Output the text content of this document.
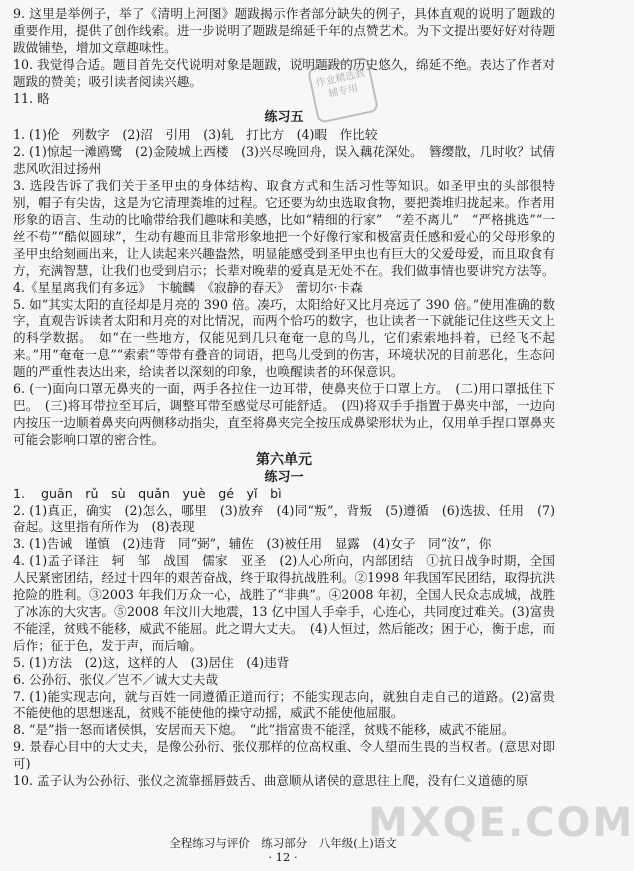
9. 这里是举例子，举了《清明上河图》题跋揭示作者部分缺失的例子，具体直观的说明了题跋的重要作用，提供了创作线索。进一步说明了题跋是绵延千年的点赞艺术。为下文提出要好好对待题跋做铺垫，增加文章趣味性。

10. 我觉得合适。题目首先交代说明对象是题跋，说明题跋的历史悠久，绵延不绝。表达了作者对题跋的赞美；吸引读者阅读兴趣。

11. 略

练习五

1. (1)伦　列数字　(2)沼　引用　(3)轧　打比方　(4)暇　作比较

2. (1)惊起一滩鸥鹭　(2)金陵城上西楼　(3)兴尽晚回舟，误入藕花深处。　簪缨散，几时收？试倩悲风吹泪过扬州

3. 选段告诉了我们关于圣甲虫的身体结构、取食方式和生活习性等知识。如圣甲虫的头部很特别，帽子有尖齿，这是为它清理粪堆的过程。它还要为幼虫选取食物，要把粪堆归拢起来。作者用形象的语言、生动的比喻带给我们趣味和美感，比如“精细的行家”　“差不离儿”　“严格挑选”“一丝不苟”“酷似圆球”，生动有趣而且非常形象地把一个好像行家和极富责任感和爱心的父母形象的圣甲虫给刻画出来，让人读起来兴趣盎然，明显能感受到圣甲虫也有巨大的父爱母爱，而且取食有方，充满智慧，让我们也受到启示；长辈对晚辈的爱真是无处不在。我们做事情也要讲究方法等。

4.《星星离我们有多远》　卞毓麟　《寂静的春天》　蕾切尔·卡森

5. 如“其实太阳的直径却是月亮的 390 倍。凑巧，太阳给好又比月亮远了 390 倍。”使用准确的数字，直观告诉读者太阳和月亮的对比情况，而两个恰巧的数字，也让读者一下就能记住这些天文上的科学数据。　如“在一些地方，仅能见到几只奄奄一息的鸟儿，它们索索地抖着，已经飞不起来。”用“奄奄一息”“索索”等带有叠音的词语，把鸟儿受到的伤害，环境状况的目前恶化，生态问题的严重性表达出来，给读者以深刻的印象，也唤醒读者的环保意识。

6. (一)面向口罩无鼻夹的一面，两手各拉住一边耳带，使鼻夹位于口罩上方。　(二)用口罩抵住下巴。　(三)将耳带拉至耳后，调整耳带至感觉尽可能舒适。　(四)将双手手指置于鼻夹中部，一边向内按压一边顺着鼻夹向两侧移动指尖，直至将鼻夹完全按压成鼻梁形状为止，仅用单手捏口罩鼻夹可能会影响口罩的密合性。

第六单元
练习一

1. guān　rǔ　sù　quǎn　yuè　gé　yǐ　bì

2. (1)真正，确实　(2)怎么，哪里　(3)放弃　(4)同“叛”，背叛　(5)遵循　(6)选拔、任用　(7)奋起。这里指有所作为　(8)表现

3. (1)告诫　谨慎　(2)违背　同“弼”，辅佐　(3)被任用　显露　(4)女子　同“汝”，你

4. (1)孟子译注　轲　邹　战国　儒家　亚圣　(2)人心所向，内部团结　①抗日战争时期，全国人民紧密团结，经过十四年的艰苦奋战，终于取得抗战胜利。②1998 年我国军民团结，取得抗洪抢险的胜利。③2003 年我们万众一心，战胜了“非典”。④2008 年初，全国人民众志成城，战胜了冰冻的大灾害。⑤2008 年汶川大地震，13 亿中国人手牵手，心连心，共同度过难关。(3)富贵不能淫，贫贱不能移，威武不能屈。此之谓大丈夫。　(4)人恒过，然后能改；困于心，衡于虑，而后作；征于色，发于声，而后喻。

5. (1)方法　(2)这，这样的人　(3)居住　(4)违背

6. 公孙衍、张仪／岂不／诚大丈夫哉

7. (1)能实现志向，就与百姓一同遵循正道而行；不能实现志向，就独自走自己的道路。(2)富贵不能使他的思想迷乱，贫贱不能使他的操守动摇，威武不能使他屈服。

8. “是”指一怒而诸侯惧，安居而天下熄。　“此”指富贵不能淫，贫贱不能移，威武不能屈。

9. 景春心目中的大丈夫，是像公孙衍、张仪那样的位高权重、令人望而生畏的当权者。(意思对即可)

10. 孟子认为公孙衍、张仪之流靠摇唇鼓舌、曲意顺从诸侯的意思往上爬，没有仁义道德的原

作业精选教辅专用
MXQE.COM
全程练习与评价　练习部分　八年级(上)语文
· 12 ·
